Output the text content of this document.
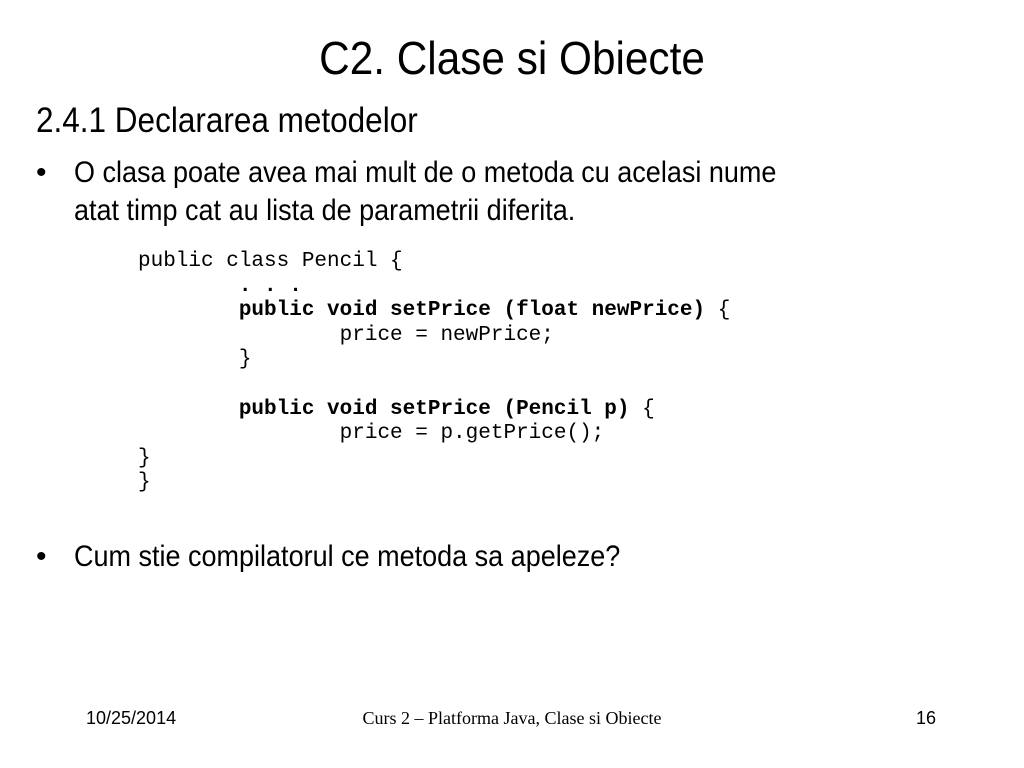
C2. Clase si Obiecte
2.4.1 Declararea metodelor
• O clasa poate avea mai mult de o metoda cu acelasi nume
atat timp cat au lista de parametrii diferita.
public class Pencil {
. . .
public void setPrice (float newPrice) {
price = newPrice;
}
public void setPrice (Pencil p) {
price = p.getPrice();
}
}
• Cum stie compilatorul ce metoda sa apeleze?
10/25/2014	Curs 2 – Platforma Java, Clase si Obiecte	16
